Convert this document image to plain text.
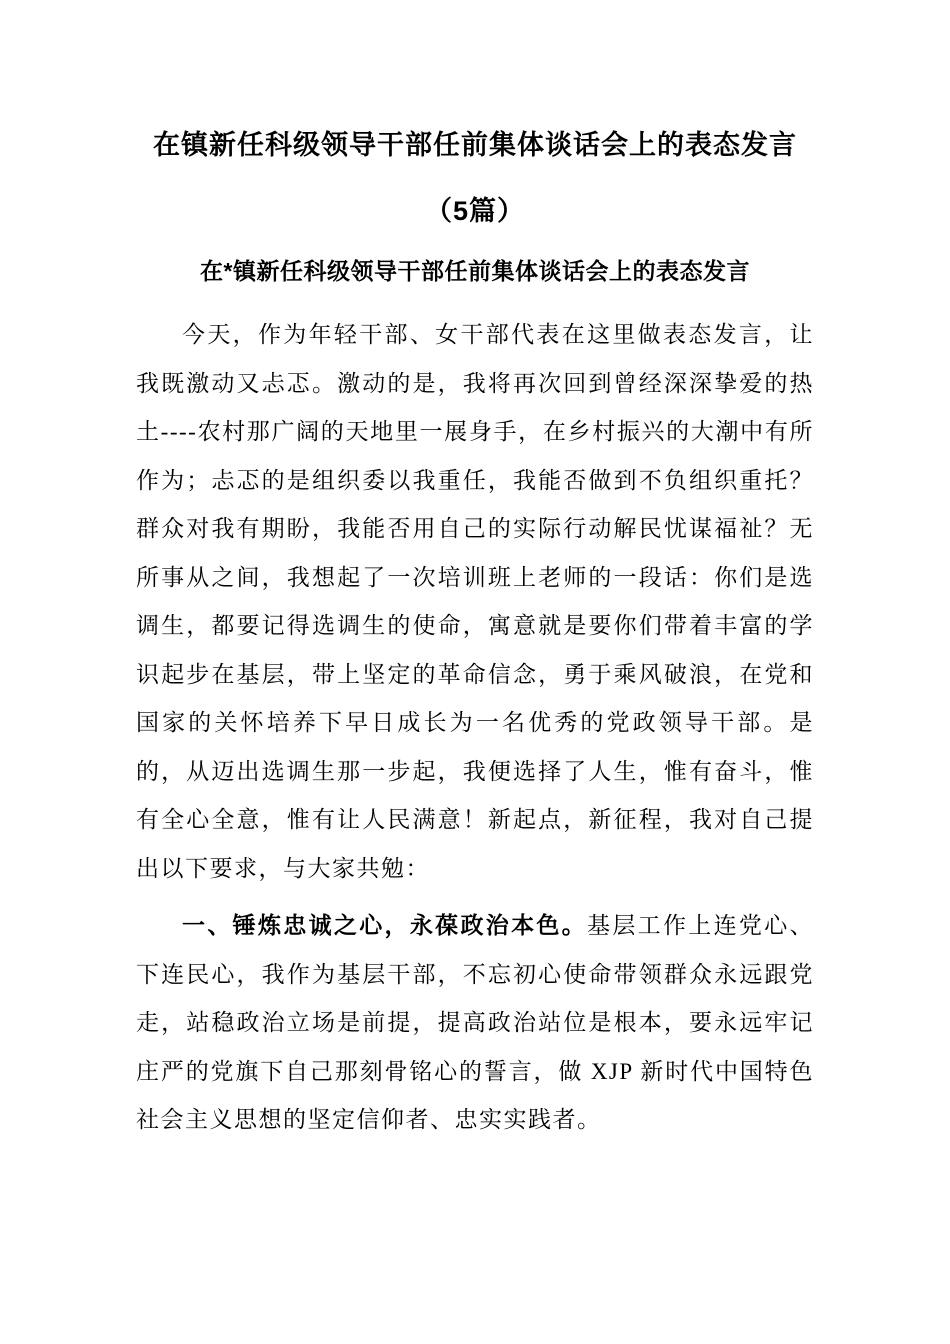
在镇新任科级领导干部任前集体谈话会上的表态发言
（5篇）
在*镇新任科级领导干部任前集体谈话会上的表态发言

今天，作为年轻干部、女干部代表在这里做表态发言，让我既激动又忐忑。激动的是，我将再次回到曾经深深挚爱的热土----农村那广阔的天地里一展身手，在乡村振兴的大潮中有所作为；忐忑的是组织委以我重任，我能否做到不负组织重托？群众对我有期盼，我能否用自己的实际行动解民忧谋福祉？无所事从之间，我想起了一次培训班上老师的一段话：你们是选调生，都要记得选调生的使命，寓意就是要你们带着丰富的学识起步在基层，带上坚定的革命信念，勇于乘风破浪，在党和国家的关怀培养下早日成长为一名优秀的党政领导干部。是的，从迈出选调生那一步起，我便选择了人生，惟有奋斗，惟有全心全意，惟有让人民满意！新起点，新征程，我对自己提出以下要求，与大家共勉：

一、锤炼忠诚之心，永葆政治本色。基层工作上连党心、下连民心，我作为基层干部，不忘初心使命带领群众永远跟党走，站稳政治立场是前提，提高政治站位是根本，要永远牢记庄严的党旗下自己那刻骨铭心的誓言，做 XJP 新时代中国特色社会主义思想的坚定信仰者、忠实实践者。
